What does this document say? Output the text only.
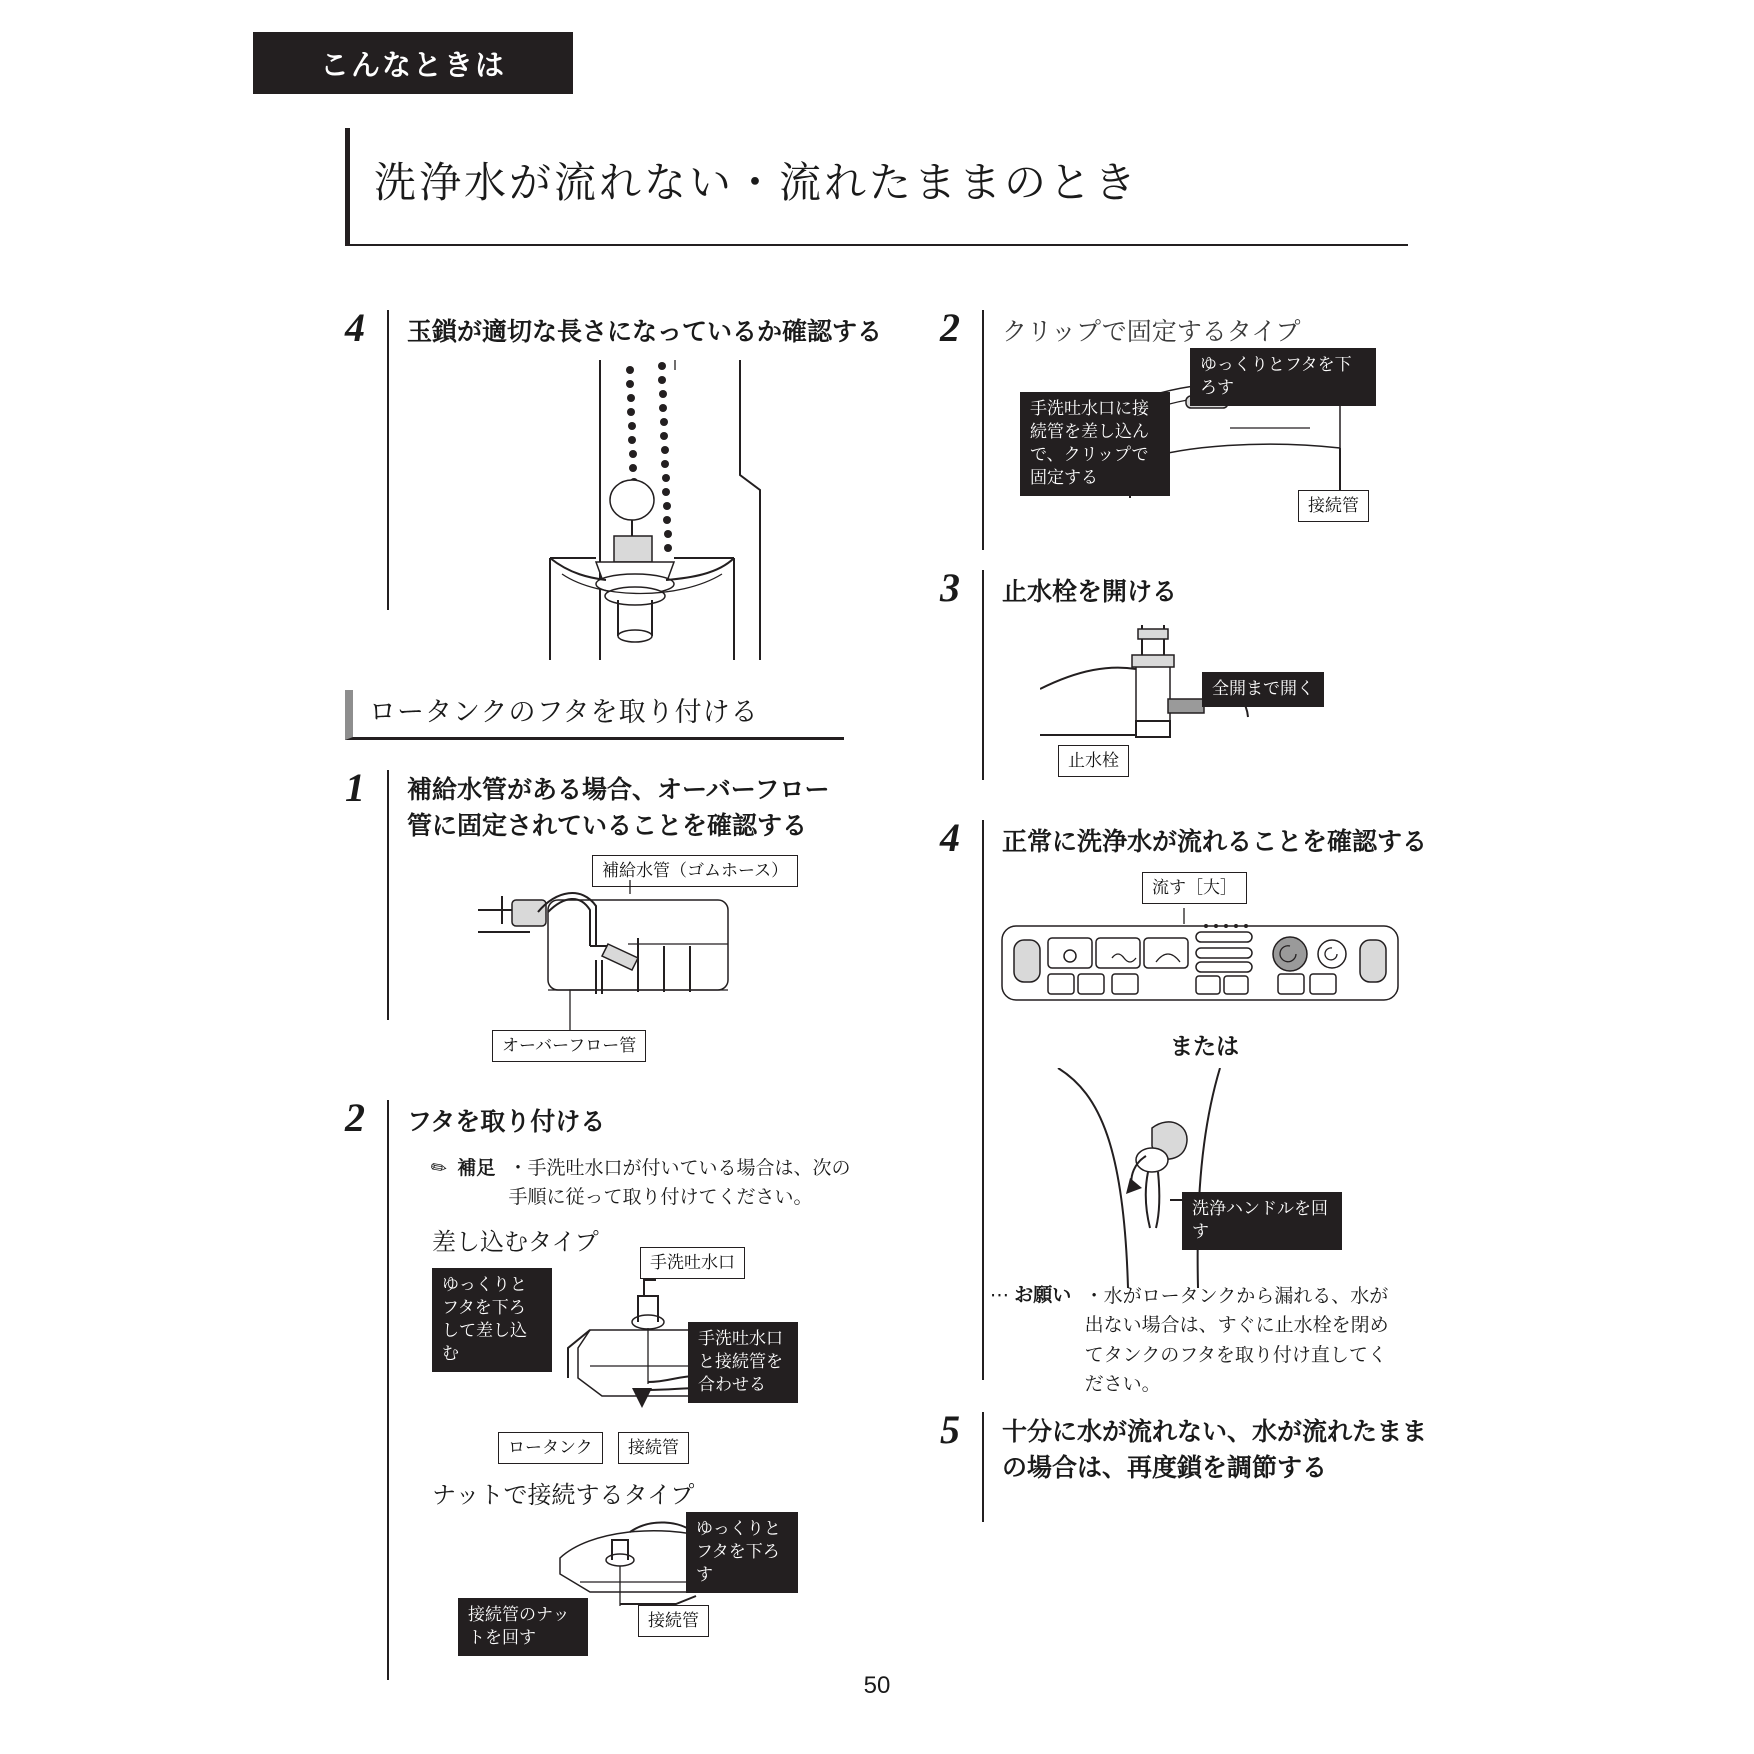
こんなときは
洗浄水が流れない・流れたままのとき
4 玉鎖が適切な長さになっているか確認する
ロータンクのフタを取り付ける
1 補給水管がある場合、オーバーフロー管に固定されていることを確認する
補給水管（ゴムホース）
オーバーフロー管
2 フタを取り付ける
✎ 補足 ・手洗吐水口が付いている場合は、次の手順に従って取り付けてください。
差し込むタイプ
ゆっくりとフタを下ろして差し込む
手洗吐水口
手洗吐水口と接続管を合わせる
ロータンク	接続管
ナットで接続するタイプ
ゆっくりとフタを下ろす
接続管
接続管のナットを回す
2 クリップで固定するタイプ
ゆっくりとフタを下ろす
手洗吐水口に接続管を差し込んで、クリップで固定する
接続管
3 止水栓を開ける
全開まで開く
止水栓
4 正常に洗浄水が流れることを確認する
流す［大］
または
洗浄ハンドルを回す
⋯ お願い ・水がロータンクから漏れる、水が出ない場合は、すぐに止水栓を閉めてタンクのフタを取り付け直してください。
5 十分に水が流れない、水が流れたままの場合は、再度鎖を調節する
50
